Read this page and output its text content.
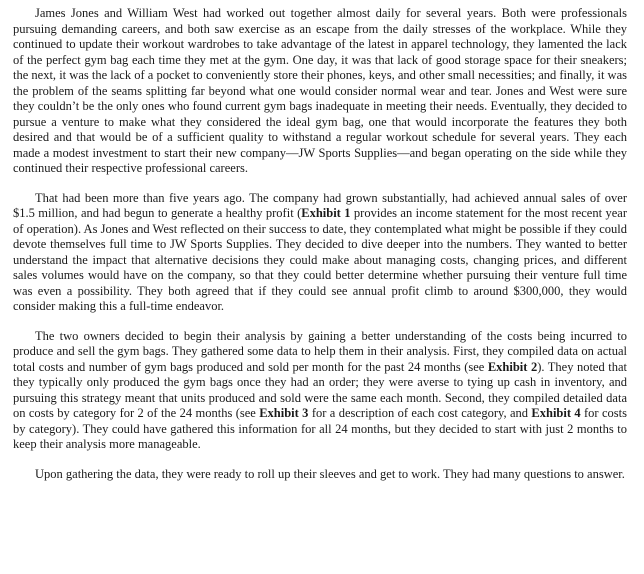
James Jones and William West had worked out together almost daily for several years. Both were professionals pursuing demanding careers, and both saw exercise as an escape from the daily stresses of the workplace. While they continued to update their workout wardrobes to take advantage of the latest in apparel technology, they lamented the lack of the perfect gym bag each time they met at the gym. One day, it was that lack of good storage space for their sneakers; the next, it was the lack of a pocket to conveniently store their phones, keys, and other small necessities; and finally, it was the problem of the seams splitting far beyond what one would consider normal wear and tear. Jones and West were sure they couldn’t be the only ones who found current gym bags inadequate in meeting their needs. Eventually, they decided to pursue a venture to make what they considered the ideal gym bag, one that would incorporate the features they both desired and that would be of a sufficient quality to withstand a regular workout schedule for several years. They each made a modest investment to start their new company—JW Sports Supplies—and began operating on the side while they continued their respective professional careers.

That had been more than five years ago. The company had grown substantially, had achieved annual sales of over $1.5 million, and had begun to generate a healthy profit (Exhibit 1 provides an income statement for the most recent year of operation). As Jones and West reflected on their success to date, they contemplated what might be possible if they could devote themselves full time to JW Sports Supplies. They decided to dive deeper into the numbers. They wanted to better understand the impact that alternative decisions they could make about managing costs, changing prices, and different sales volumes would have on the company, so that they could better determine whether pursuing their venture full time was even a possibility. They both agreed that if they could see annual profit climb to around $300,000, they would consider making this a full-time endeavor.

The two owners decided to begin their analysis by gaining a better understanding of the costs being incurred to produce and sell the gym bags. They gathered some data to help them in their analysis. First, they compiled data on actual total costs and number of gym bags produced and sold per month for the past 24 months (see Exhibit 2). They noted that they typically only produced the gym bags once they had an order; they were averse to tying up cash in inventory, and pursuing this strategy meant that units produced and sold were the same each month. Second, they compiled detailed data on costs by category for 2 of the 24 months (see Exhibit 3 for a description of each cost category, and Exhibit 4 for costs by category). They could have gathered this information for all 24 months, but they decided to start with just 2 months to keep their analysis more manageable.

Upon gathering the data, they were ready to roll up their sleeves and get to work. They had many questions to answer.
